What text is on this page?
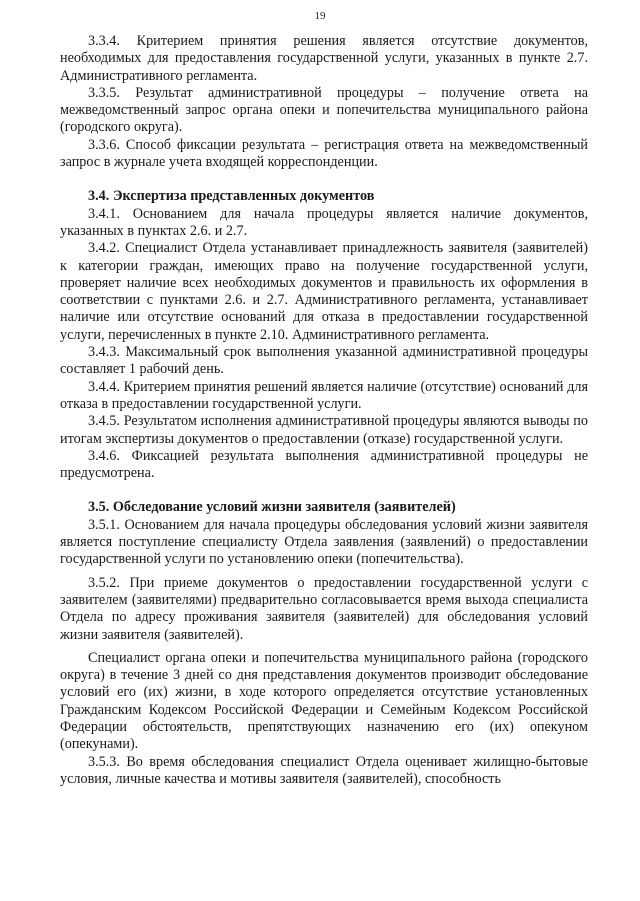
19

3.3.4. Критерием принятия решения является отсутствие документов, необходимых для предоставления государственной услуги, указанных в пункте 2.7. Административного регламента.

3.3.5. Результат административной процедуры – получение ответа на межведомственный запрос органа опеки и попечительства муниципального района (городского округа).

3.3.6. Способ фиксации результата – регистрация ответа на межведомственный запрос в журнале учета входящей корреспонденции.

3.4. Экспертиза представленных документов

3.4.1. Основанием для начала процедуры является наличие документов, указанных в пунктах 2.6. и 2.7.

3.4.2. Специалист Отдела устанавливает принадлежность заявителя (заявителей) к категории граждан, имеющих право на получение государственной услуги, проверяет наличие всех необходимых документов и правильность их оформления в соответствии с пунктами 2.6. и 2.7. Административного регламента, устанавливает наличие или отсутствие оснований для отказа в предоставлении государственной услуги, перечисленных в пункте 2.10. Административного регламента.

3.4.3. Максимальный срок выполнения указанной административной процедуры составляет 1 рабочий день.

3.4.4. Критерием принятия решений является наличие (отсутствие) оснований для отказа в предоставлении государственной услуги.

3.4.5. Результатом исполнения административной процедуры являются выводы по итогам экспертизы документов о предоставлении (отказе) государственной услуги.

3.4.6. Фиксацией результата выполнения административной процедуры не предусмотрена.

3.5. Обследование условий жизни заявителя (заявителей)

3.5.1. Основанием для начала процедуры обследования условий жизни заявителя является поступление специалисту Отдела заявления (заявлений) о предоставлении государственной услуги по установлению опеки (попечительства).

3.5.2. При приеме документов о предоставлении государственной услуги с заявителем (заявителями) предварительно согласовывается время выхода специалиста Отдела по адресу проживания заявителя (заявителей) для обследования условий жизни заявителя (заявителей).

Специалист органа опеки и попечительства муниципального района (городского округа) в течение 3 дней со дня представления документов производит обследование условий его (их) жизни, в ходе которого определяется отсутствие установленных Гражданским Кодексом Российской Федерации и Семейным Кодексом Российской Федерации обстоятельств, препятствующих назначению его (их) опекуном (опекунами).

3.5.3. Во время обследования специалист Отдела оценивает жилищно-бытовые условия, личные качества и мотивы заявителя (заявителей), способность
